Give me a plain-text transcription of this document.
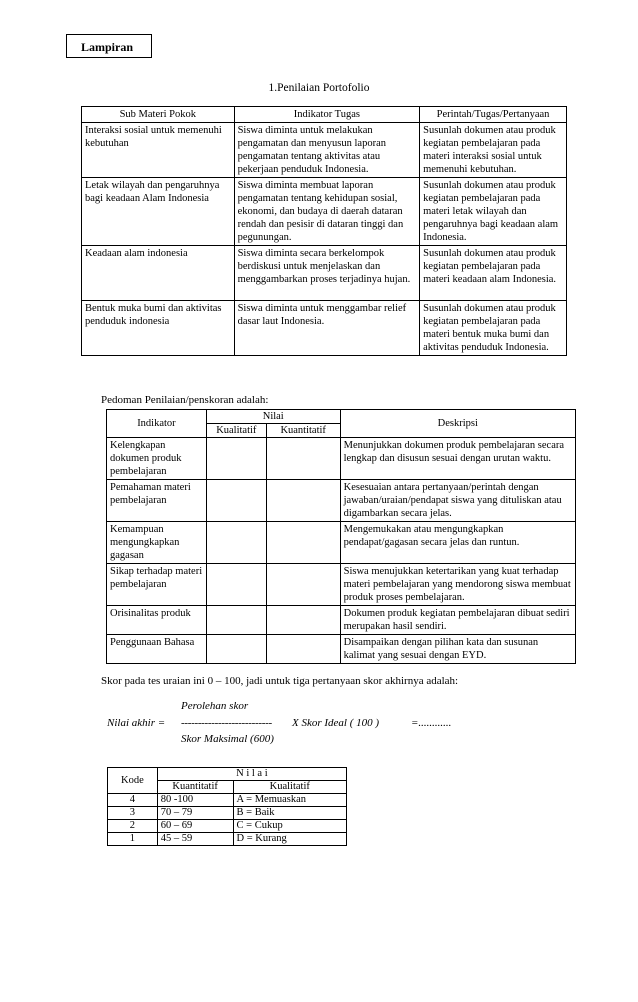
Lampiran
1.Penilaian Portofolio
Sub Materi Pokok	Indikator Tugas	Perintah/Tugas/Pertanyaan
Interaksi sosial untuk memenuhi kebutuhan	Siswa diminta untuk melakukan pengamatan dan menyusun laporan pengamatan tentang aktivitas atau pekerjaan penduduk Indonesia.	Susunlah dokumen atau produk kegiatan pembelajaran pada materi interaksi sosial untuk memenuhi kebutuhan.
Letak wilayah dan pengaruhnya bagi keadaan Alam Indonesia	Siswa diminta membuat laporan pengamatan tentang kehidupan sosial, ekonomi, dan budaya di daerah dataran rendah dan pesisir di dataran tinggi dan pegunungan.	Susunlah dokumen atau produk kegiatan pembelajaran pada materi letak wilayah dan pengaruhnya bagi keadaan alam Indonesia.
Keadaan alam indonesia	Siswa diminta secara berkelompok berdiskusi untuk menjelaskan dan menggambarkan proses terjadinya hujan.	Susunlah dokumen atau produk kegiatan pembelajaran pada materi keadaan alam Indonesia.
Bentuk muka bumi dan aktivitas penduduk indonesia	Siswa diminta untuk menggambar relief dasar laut Indonesia.	Susunlah dokumen atau produk kegiatan pembelajaran pada materi bentuk muka bumi dan aktivitas penduduk Indonesia.
Pedoman Penilaian/penskoran adalah:
Indikator	Nilai		Deskripsi
	Kualitatif	Kuantitatif	
Kelengkapan dokumen produk pembelajaran			Menunjukkan dokumen produk pembelajaran secara lengkap dan disusun sesuai dengan urutan waktu.
Pemahaman materi pembelajaran			Kesesuaian antara pertanyaan/perintah dengan jawaban/uraian/pendapat siswa yang dituliskan atau digambarkan secara jelas.
Kemampuan mengungkapkan gagasan			Mengemukakan atau mengungkapkan pendapat/gagasan secara jelas dan runtun.
Sikap terhadap materi pembelajaran			Siswa menujukkan ketertarikan yang kuat terhadap materi pembelajaran yang mendorong siswa membuat produk proses pembelajaran.
Orisinalitas produk			Dokumen produk kegiatan pembelajaran dibuat sediri merupakan hasil sendiri.
Penggunaan Bahasa			Disampaikan dengan pilihan kata dan susunan kalimat yang sesuai dengan EYD.
Skor pada tes uraian ini 0 – 100, jadi untuk tiga pertanyaan skor akhirnya adalah:
Perolehan skor
Nilai akhir = --------------------------- X Skor Ideal ( 100 )	=............
Skor Maksimal (600)
Kode	N i l a i	
	Kuantitatif	Kualitatif
4	80 -100	A = Memuaskan
3	70 – 79	B = Baik
2	60 – 69	C = Cukup
1	45 – 59	D = Kurang
